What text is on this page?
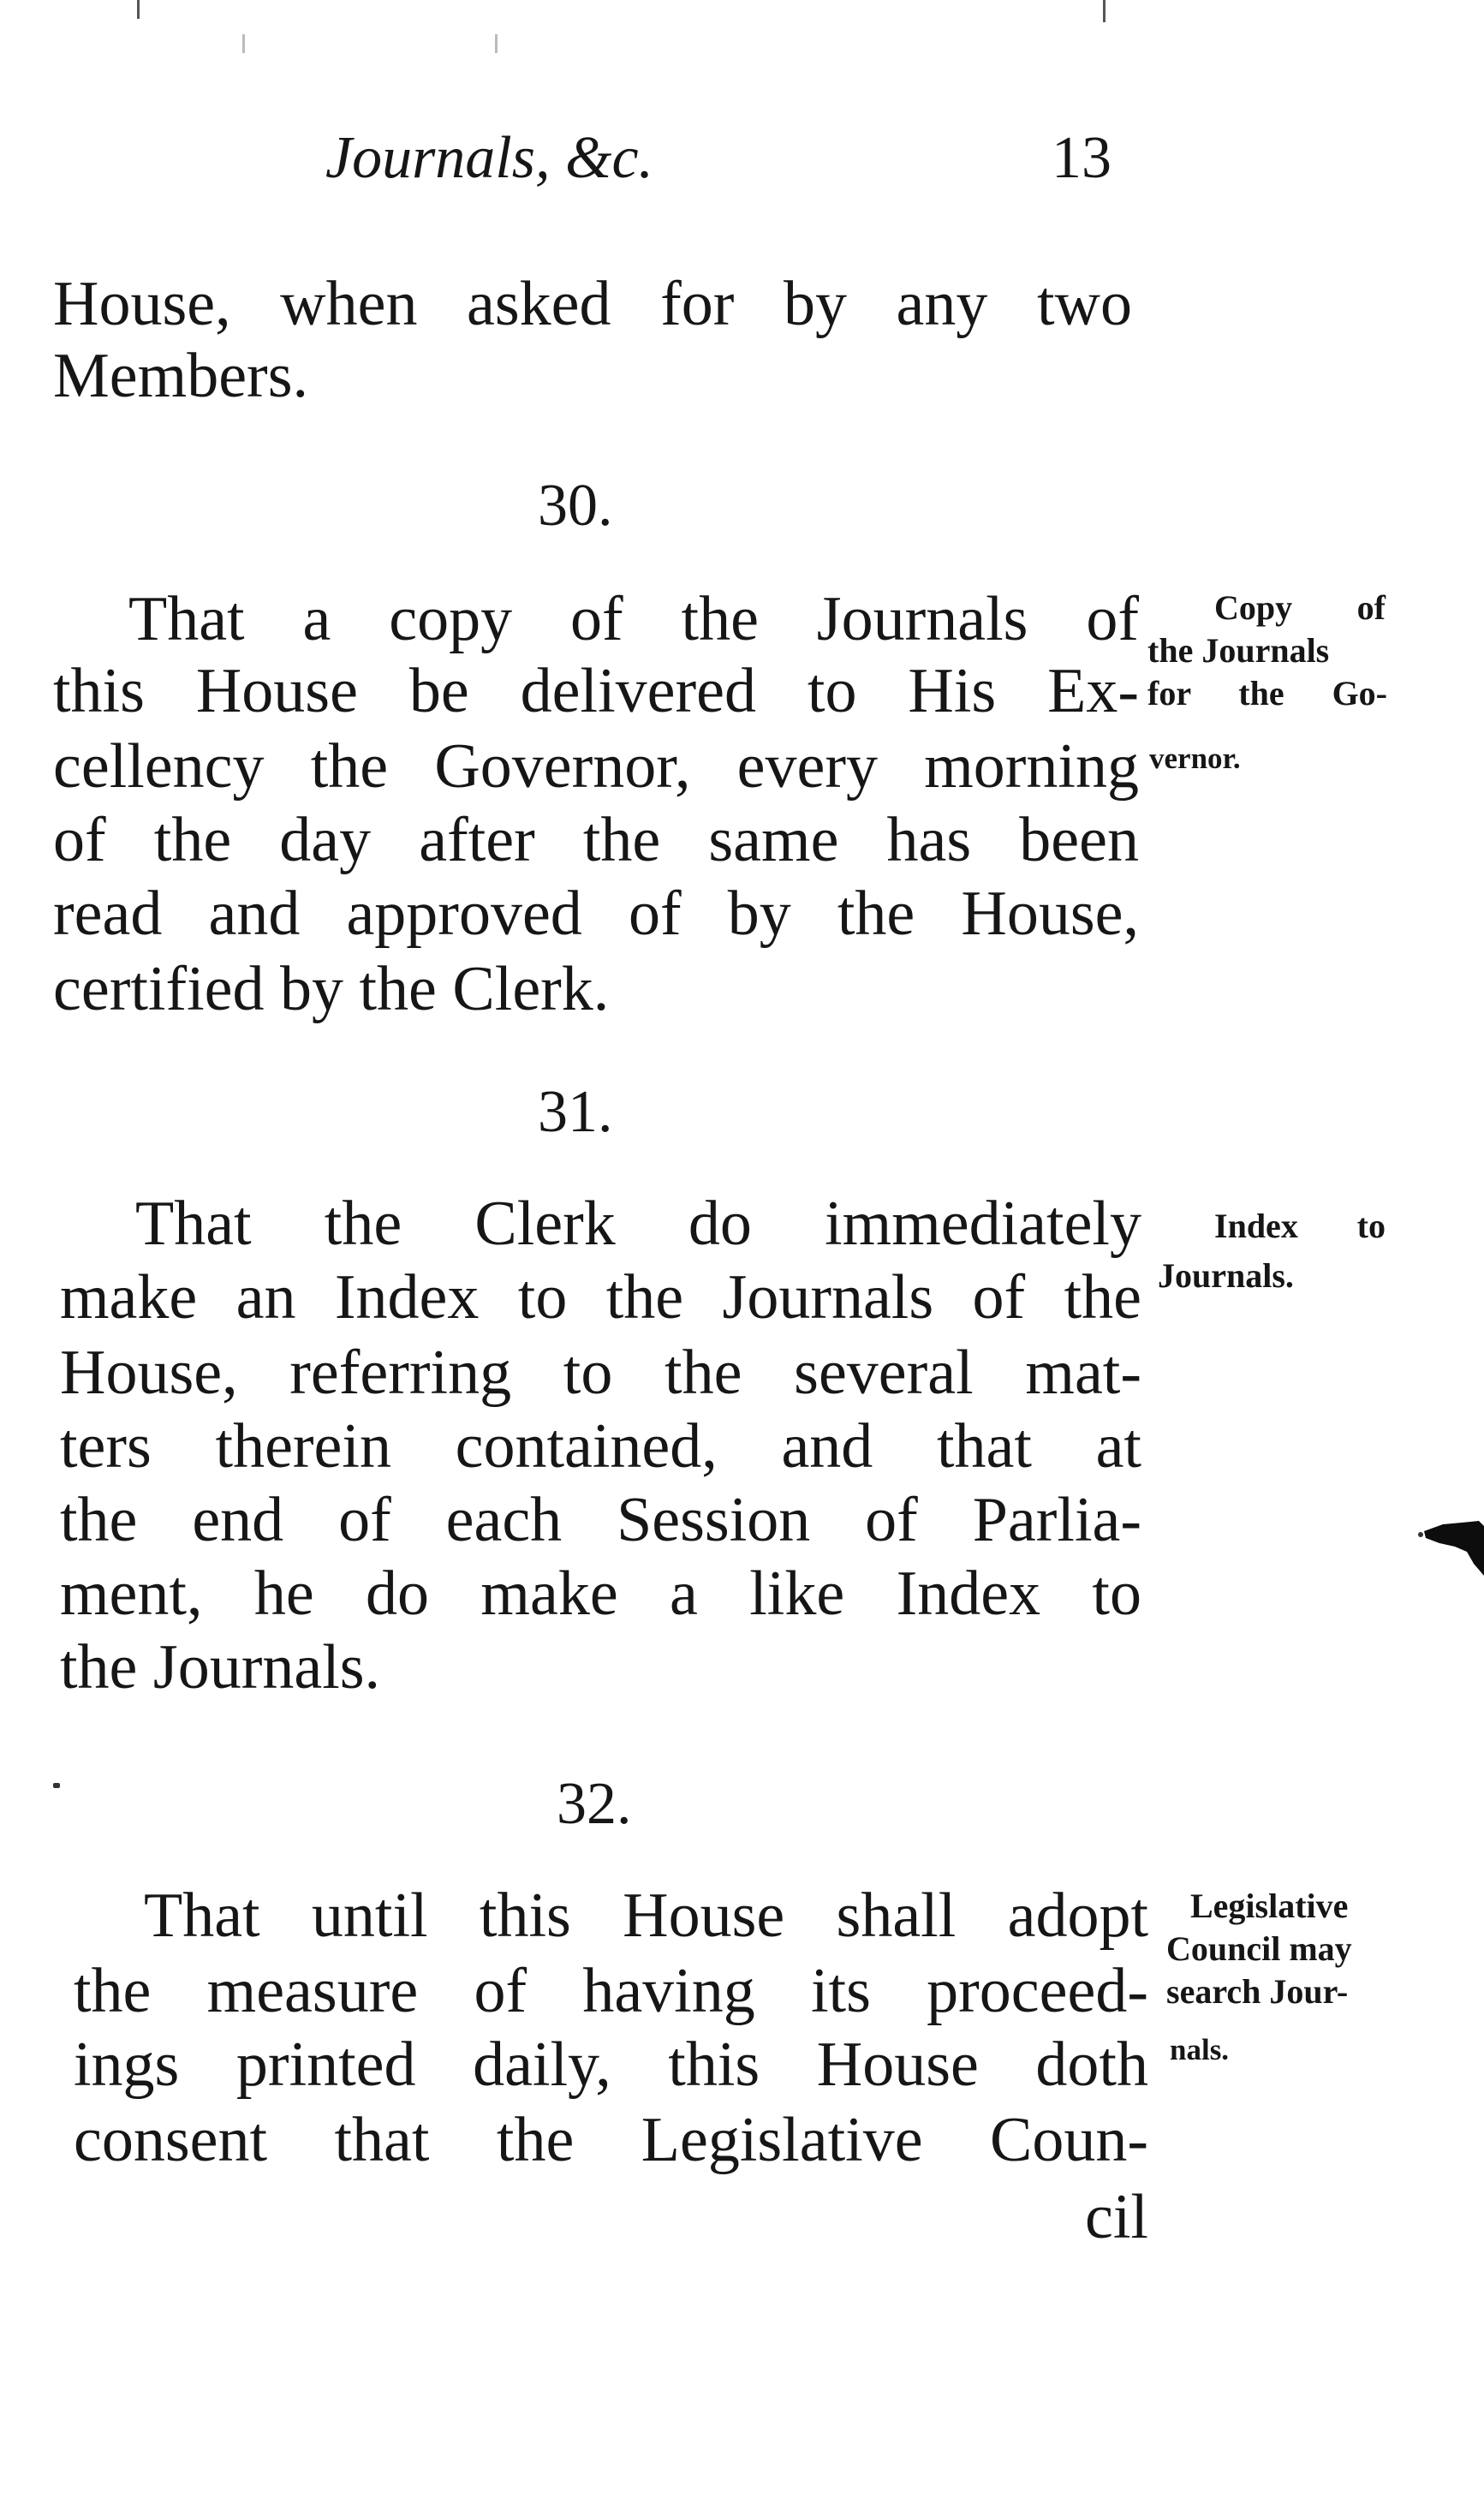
Journals, &c.	13
House, when asked for by any two
Members.
30.
That a copy of the Journals of
this House be delivered to His Ex-
cellency the Governor, every morning
of the day after the same has been
read and approved of by the House,
certified by the Clerk.
Copy of
the Journals
for the Go-
vernor.
31.
That the Clerk do immediately
make an Index to the Journals of the
House, referring to the several mat-
ters therein contained, and that at
the end of each Session of Parlia-
ment, he do make a like Index to
the Journals.
Index to
Journals.
32.
That until this House shall adopt
the measure of having its proceed-
ings printed daily, this House doth
consent that the Legislative Coun-
cil
Legislative
Council may
search Jour-
nals.
